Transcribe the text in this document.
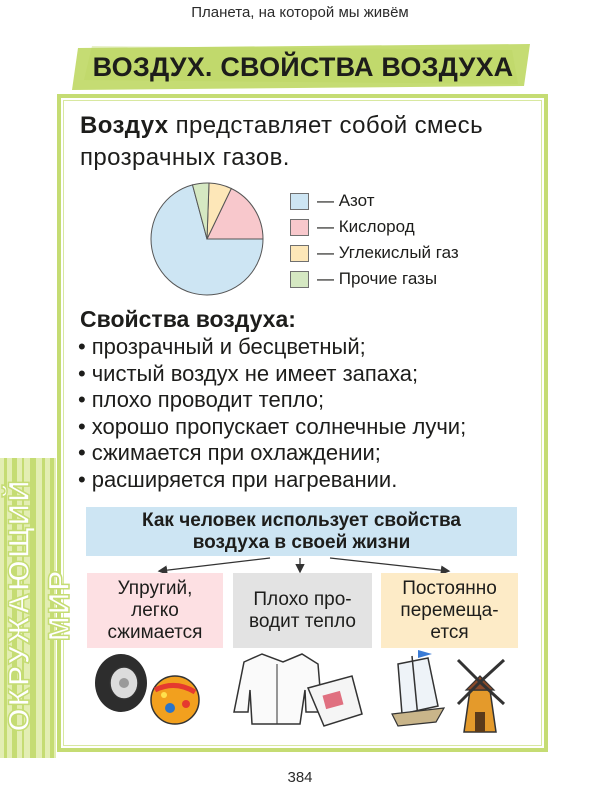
Планета, на которой мы живём
ВОЗДУХ. СВОЙСТВА ВОЗДУХА
Воздух представляет собой смесь
прозрачных газов.
— Азот
— Кислород
— Углекислый газ
— Прочие газы
Свойства воздуха:
• прозрачный и бесцветный;
• чистый воздух не имеет запаха;
• плохо проводит тепло;
• хорошо пропускает солнечные лучи;
• сжимается при охлаждении;
• расширяется при нагревании.
Как человек использует свойства
воздуха в своей жизни
Упругий,
легко
сжимается
Плохо про-
водит тепло
Постоянно
перемеща-
ется
ОКРУЖАЮЩИЙ МИР
384
